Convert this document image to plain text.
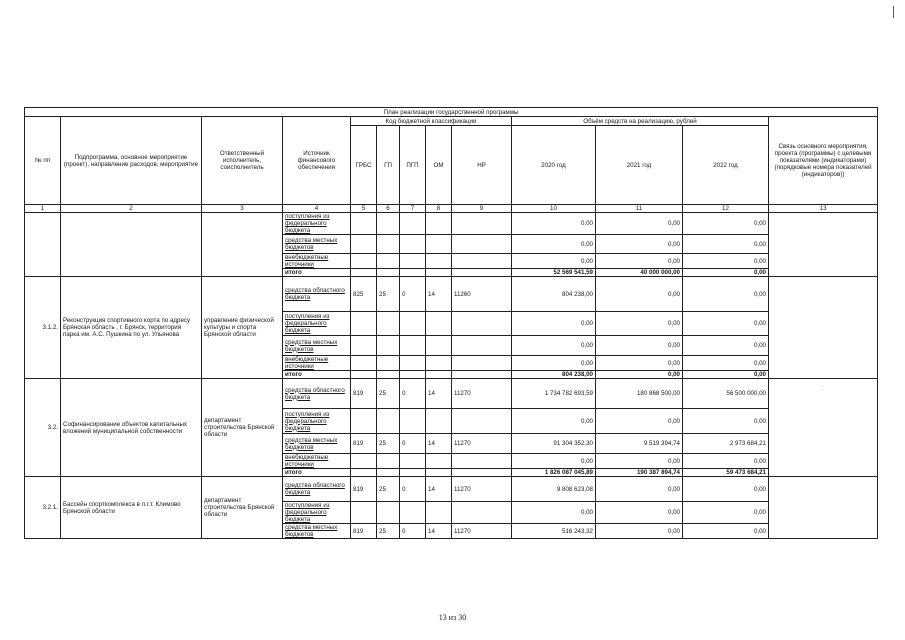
План реализации государственной программы												
№ пп	Подпрограмма, основное мероприятие (проект), направление расходов, мероприятие	Ответственный исполнитель, соисполнитель	Источник финансового обеспечения	Код бюджетной классификации					Объём средств на реализацию, рублей			Связь основного мероприятия, проекта (программы) с целевыми показателями (индикаторами) (порядковые номера показателей (индикаторов))
				ГРБС	ГП	ПГП	ОМ	НР	2020 год	2021 год	2022 год	
1	2	3	4	5	6	7	8	9	10	11	12	13
			поступления из федерального бюджета						0,00	0,00	0,00	
			средства местных бюджетов						0,00	0,00	0,00	
			внебюджетные источники						0,00	0,00	0,00	
			итого						52 569 541,59	40 000 000,00	0,00	
3.1.2.	Реконструкция спортивного корта по адресу Брянская область , г. Брянск, территория парка им. А.С. Пушкина по ул. Ульянова	управление физической культуры и спорта Брянской области	средства областного бюджета	825	25	0	14	11260	804 238,00	0,00	0,00	
			поступления из федерального бюджета						0,00	0,00	0,00	
			средства местных бюджетов						0,00	0,00	0,00	
			внебюджетные источники						0,00	0,00	0,00	
			итого						804 238,00	0,00	0,00	
3.2.	Софинансирование объектов капитальных вложений муниципальной собственности	департамент строительства Брянской области	средства областного бюджета	819	25	0	14	11270	1 734 782 693,59	180 868 500,00	56 500 000,00	
			поступления из федерального бюджета						0,00	0,00	0,00	
			средства местных бюджетов	819	25	0	14	11270	91 304 352,30	9 519 394,74	2 973 684,21	
			внебюджетные источники						0,00	0,00	0,00	
			итого						1 826 087 045,89	190 387 894,74	59 473 684,21	
3.2.1.	Бассейн спорткомплекса в п.г.т. Климово Брянской области	департамент строительства Брянской области	средства областного бюджета	819	25	0	14	11270	9 808 623,08	0,00	0,00	
			поступления из федерального бюджета						0,00	0,00	0,00	
			средства местных бюджетов	819	25	0	14	11270	516 243,32	0,00	0,00	
·
13 из 30
